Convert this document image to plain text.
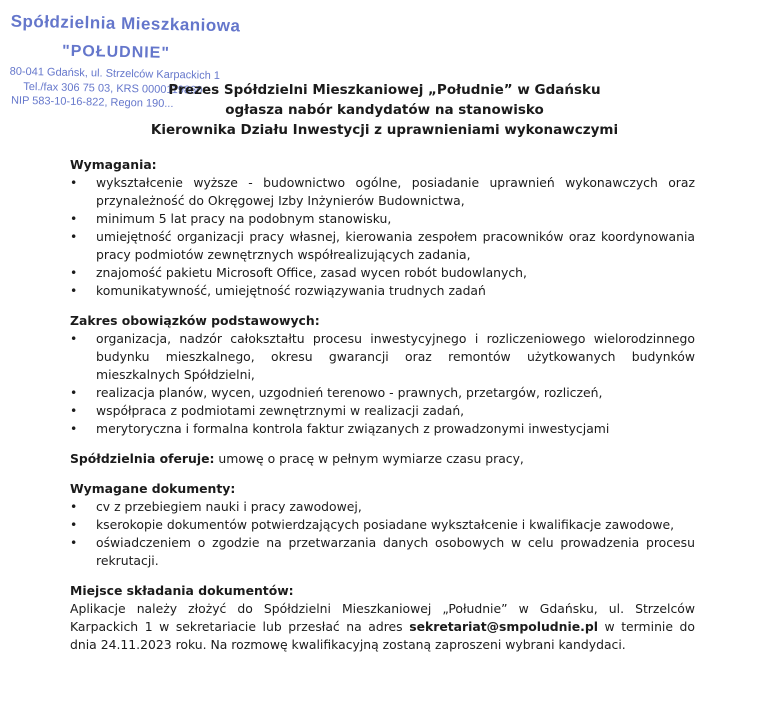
Spółdzielnia Mieszkaniowa
"POŁUDNIE"
80-041 Gdańsk, ul. Strzelców Karpackich 1
Tel./fax 306 75 03, KRS 0000119860
NIP 583-10-16-822, Regon 190...
Prezes Spółdzielni Mieszkaniowej „Południe” w Gdańsku
ogłasza nabór kandydatów na stanowisko
Kierownika Działu Inwestycji z uprawnieniami wykonawczymi
Wymagania:
• wykształcenie wyższe - budownictwo ogólne, posiadanie uprawnień wykonawczych oraz przynależność do Okręgowej Izby Inżynierów Budownictwa,
• minimum 5 lat pracy na podobnym stanowisku,
• umiejętność organizacji pracy własnej, kierowania zespołem pracowników oraz koordynowania pracy podmiotów zewnętrznych współrealizujących zadania,
• znajomość pakietu Microsoft Office, zasad wycen robót budowlanych,
• komunikatywność, umiejętność rozwiązywania trudnych zadań
Zakres obowiązków podstawowych:
• organizacja, nadzór całokształtu procesu inwestycyjnego i rozliczeniowego wielorodzinnego budynku mieszkalnego, okresu gwarancji oraz remontów użytkowanych budynków mieszkalnych Spółdzielni,
• realizacja planów, wycen, uzgodnień terenowo - prawnych, przetargów, rozliczeń,
• współpraca z podmiotami zewnętrznymi w realizacji zadań,
• merytoryczna i formalna kontrola faktur związanych z prowadzonymi inwestycjami
Spółdzielnia oferuje: umowę o pracę w pełnym wymiarze czasu pracy,
Wymagane dokumenty:
• cv z przebiegiem nauki i pracy zawodowej,
• kserokopie dokumentów potwierdzających posiadane wykształcenie i kwalifikacje zawodowe,
• oświadczeniem o zgodzie na przetwarzania danych osobowych w celu prowadzenia procesu rekrutacji.
Miejsce składania dokumentów:
Aplikacje należy złożyć do Spółdzielni Mieszkaniowej „Południe” w Gdańsku, ul. Strzelców Karpackich 1 w sekretariacie lub przesłać na adres sekretariat@smpoludnie.pl w terminie do dnia 24.11.2023 roku. Na rozmowę kwalifikacyjną zostaną zaproszeni wybrani kandydaci.
